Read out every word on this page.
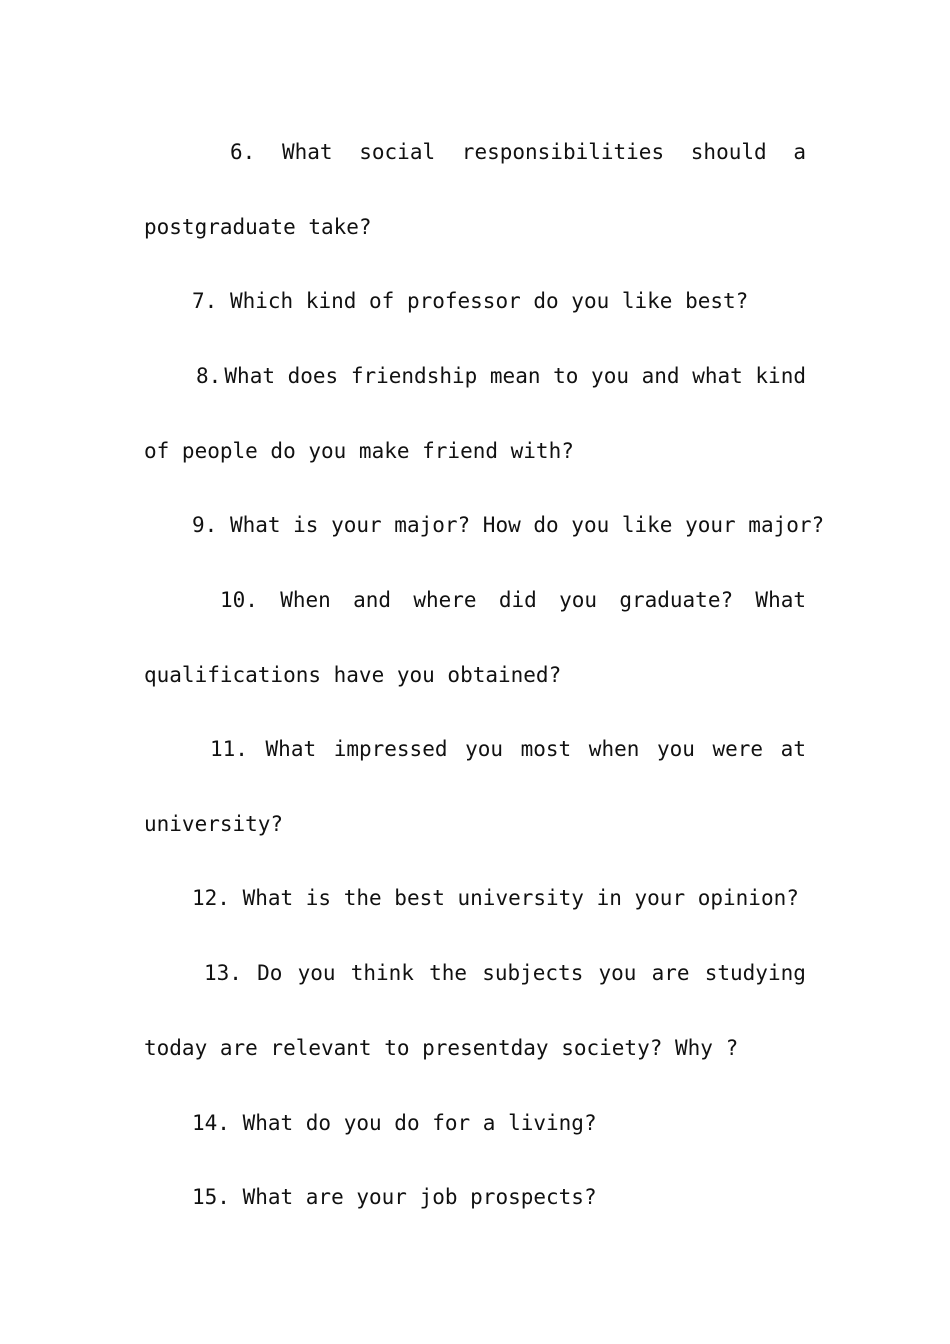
6. What social responsibilities should a
postgraduate take?
7. Which kind of professor do you like best?
8. What does friendship mean to you and what kind
of people do you make friend with?
9. What is your major? How do you like your major?
10. When and where did you graduate? What
qualifications have you obtained?
11. What impressed you most when you were at
university?
12. What is the best university in your opinion?
13. Do you think the subjects you are studying
today are relevant to presentday society? Why ?
14. What do you do for a living?
15. What are your job prospects?
